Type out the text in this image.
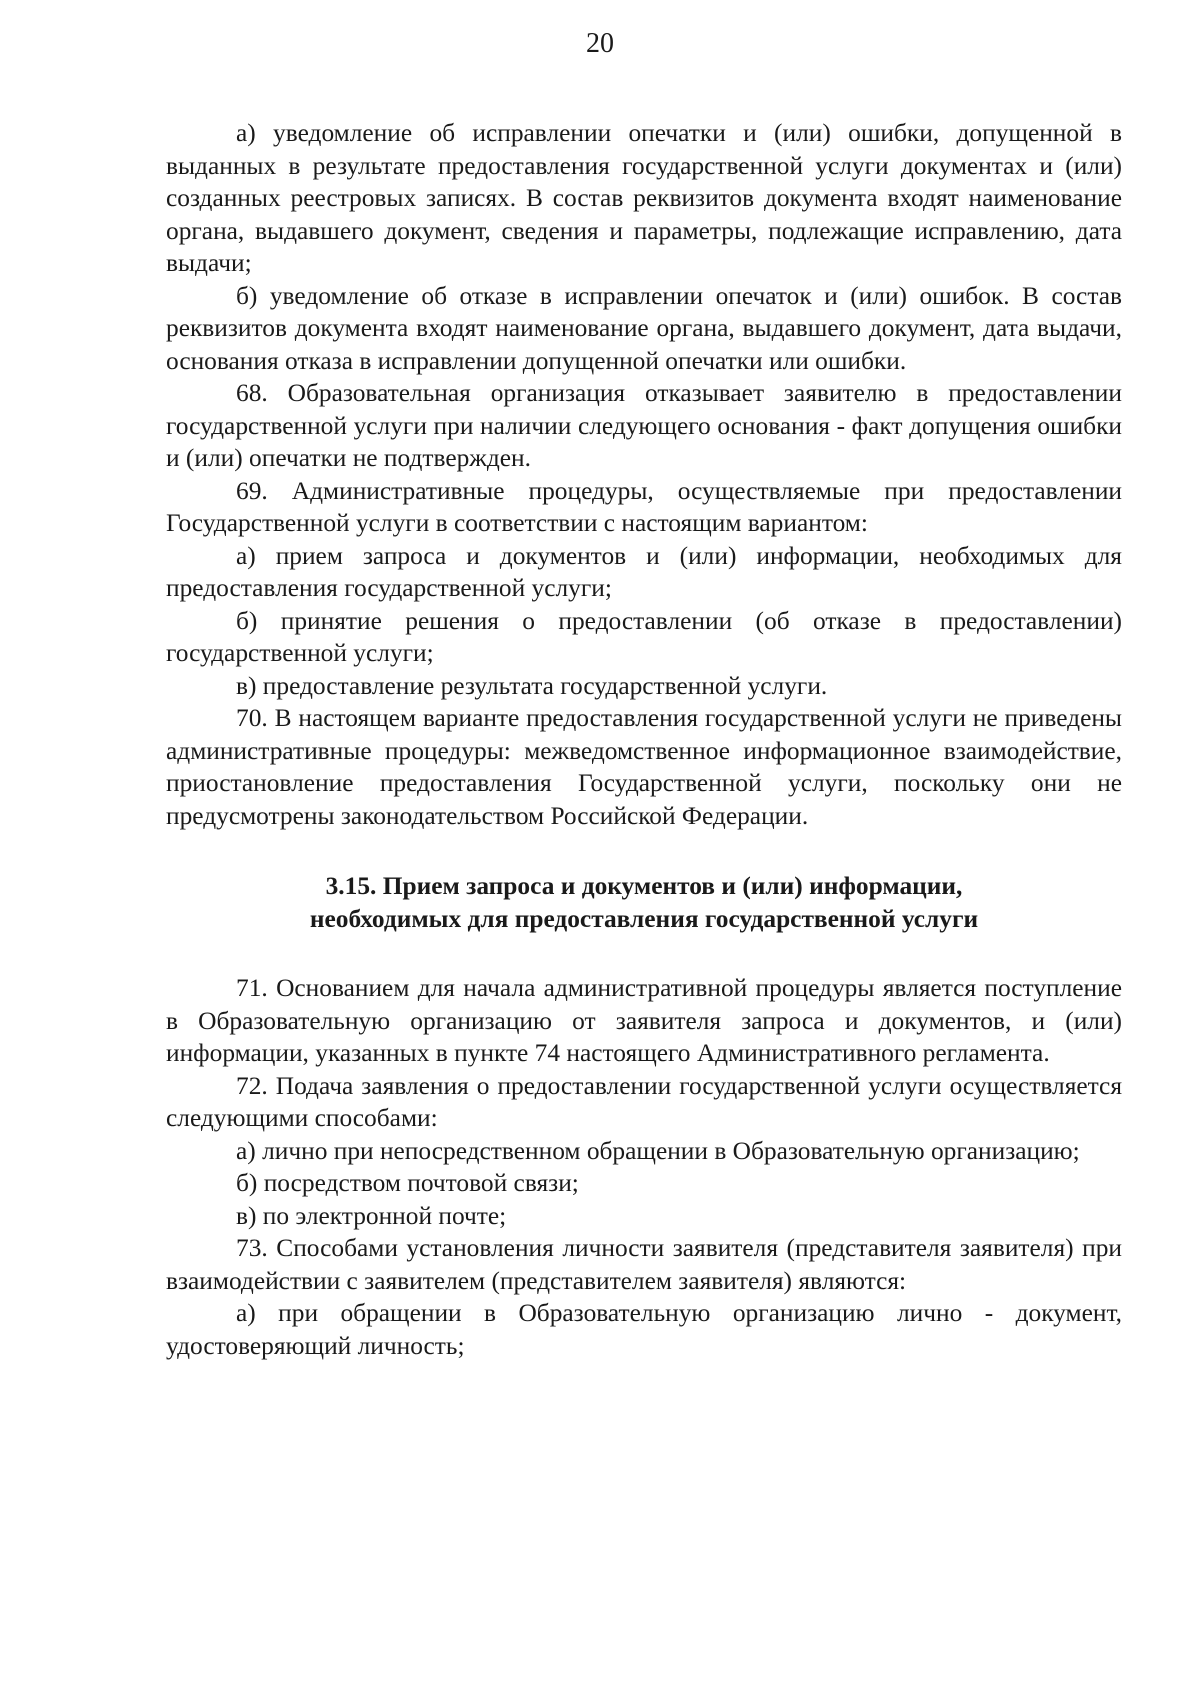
20

а) уведомление об исправлении опечатки и (или) ошибки, допущенной в выданных в результате предоставления государственной услуги документах и (или) созданных реестровых записях. В состав реквизитов документа входят наименование органа, выдавшего документ, сведения и параметры, подлежащие исправлению, дата выдачи;

б) уведомление об отказе в исправлении опечаток и (или) ошибок. В состав реквизитов документа входят наименование органа, выдавшего документ, дата выдачи, основания отказа в исправлении допущенной опечатки или ошибки.

68. Образовательная организация отказывает заявителю в предоставлении государственной услуги при наличии следующего основания - факт допущения ошибки и (или) опечатки не подтвержден.

69. Административные процедуры, осуществляемые при предоставлении Государственной услуги в соответствии с настоящим вариантом:

а) прием запроса и документов и (или) информации, необходимых для предоставления государственной услуги;

б) принятие решения о предоставлении (об отказе в предоставлении) государственной услуги;

в) предоставление результата государственной услуги.

70. В настоящем варианте предоставления государственной услуги не приведены административные процедуры: межведомственное информационное взаимодействие, приостановление предоставления Государственной услуги, поскольку они не предусмотрены законодательством Российской Федерации.

3.15. Прием запроса и документов и (или) информации,
необходимых для предоставления государственной услуги

71. Основанием для начала административной процедуры является поступление в Образовательную организацию от заявителя запроса и документов, и (или) информации, указанных в пункте 74 настоящего Административного регламента.

72. Подача заявления о предоставлении государственной услуги осуществляется следующими способами:

а) лично при непосредственном обращении в Образовательную организацию;

б) посредством почтовой связи;

в) по электронной почте;

73. Способами установления личности заявителя (представителя заявителя) при взаимодействии с заявителем (представителем заявителя) являются:

а) при обращении в Образовательную организацию лично - документ, удостоверяющий личность;
